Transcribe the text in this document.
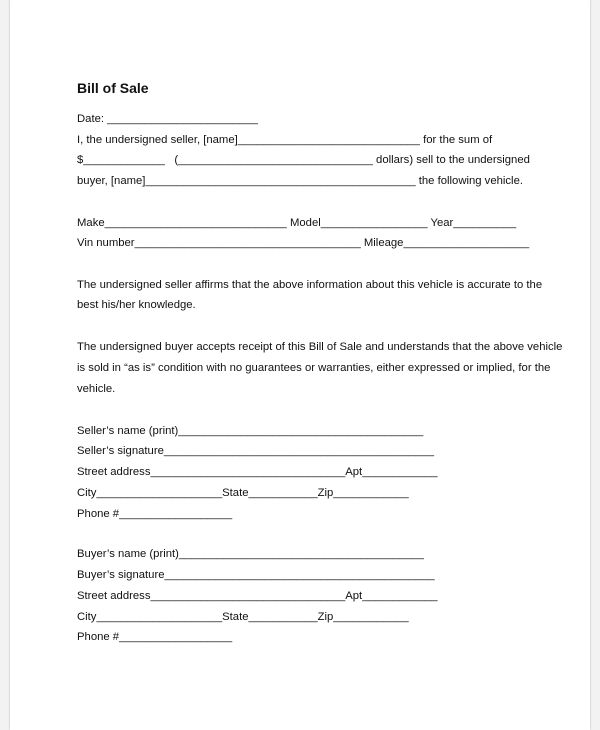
Bill of Sale

Date: ________________________

I, the undersigned seller, [name]_____________________________ for the sum of

$_____________   (_______________________________ dollars) sell to the undersigned

buyer, [name]___________________________________________ the following vehicle.

Make_____________________________ Model_________________ Year__________

Vin number____________________________________ Mileage____________________

The undersigned seller affirms that the above information about this vehicle is accurate to the

best his/her knowledge.

The undersigned buyer accepts receipt of this Bill of Sale and understands that the above vehicle

is sold in “as is” condition with no guarantees or warranties, either expressed or implied, for the

vehicle.

Seller’s name (print)_______________________________________

Seller’s signature___________________________________________

Street address_______________________________Apt____________

City____________________State___________Zip____________

Phone #__________________

Buyer’s name (print)_______________________________________

Buyer’s signature___________________________________________

Street address_______________________________Apt____________

City____________________State___________Zip____________

Phone #__________________
